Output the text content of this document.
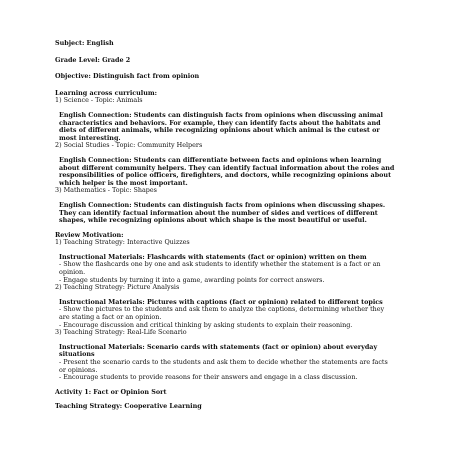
Subject: English
Grade Level: Grade 2
Objective: Distinguish fact from opinion
Learning across curriculum:
1) Science - Topic: Animals
English Connection: Students can distinguish facts from opinions when discussing animal characteristics and behaviors. For example, they can identify facts about the habitats and diets of different animals, while recognizing opinions about which animal is the cutest or most interesting.
2) Social Studies - Topic: Community Helpers
English Connection: Students can differentiate between facts and opinions when learning about different community helpers. They can identify factual information about the roles and responsibilities of police officers, firefighters, and doctors, while recognizing opinions about which helper is the most important.
3) Mathematics - Topic: Shapes
English Connection: Students can distinguish facts from opinions when discussing shapes. They can identify factual information about the number of sides and vertices of different shapes, while recognizing opinions about which shape is the most beautiful or useful.
Review Motivation:
1) Teaching Strategy: Interactive Quizzes
Instructional Materials: Flashcards with statements (fact or opinion) written on them
- Show the flashcards one by one and ask students to identify whether the statement is a fact or an opinion.
- Engage students by turning it into a game, awarding points for correct answers.
2) Teaching Strategy: Picture Analysis
Instructional Materials: Pictures with captions (fact or opinion) related to different topics
- Show the pictures to the students and ask them to analyze the captions, determining whether they are stating a fact or an opinion.
- Encourage discussion and critical thinking by asking students to explain their reasoning.
3) Teaching Strategy: Real-Life Scenario
Instructional Materials: Scenario cards with statements (fact or opinion) about everyday situations
- Present the scenario cards to the students and ask them to decide whether the statements are facts or opinions.
- Encourage students to provide reasons for their answers and engage in a class discussion.
Activity 1: Fact or Opinion Sort
Teaching Strategy: Cooperative Learning
